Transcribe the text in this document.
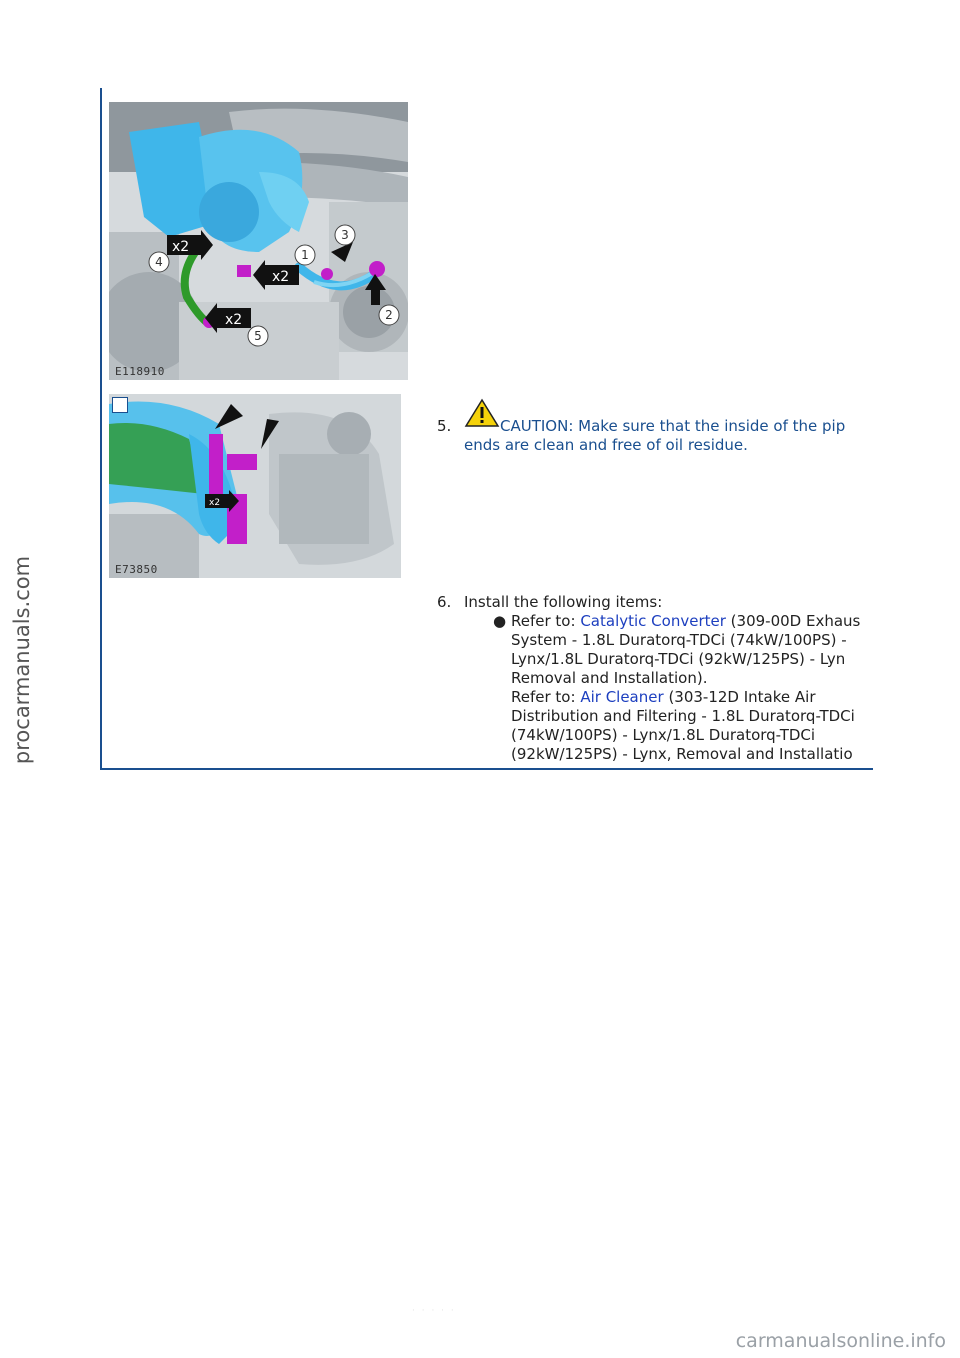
procarmanuals.com
x2
x2
x2
1
2
3
4
5
E118910
x2
E73850
5.	CAUTION: Make sure that the inside of the pip
ends are clean and free of oil residue.
6. Install the following items:
● Refer to: Catalytic Converter (309-00D Exhaus
System - 1.8L Duratorq-TDCi (74kW/100PS) -
Lynx/1.8L Duratorq-TDCi (92kW/125PS) - Lyn
Removal and Installation).
Refer to: Air Cleaner (303-12D Intake Air
Distribution and Filtering - 1.8L Duratorq-TDCi
(74kW/100PS) - Lynx/1.8L Duratorq-TDCi
(92kW/125PS) - Lynx, Removal and Installatio
· · · · ·
carmanualsonline.info
